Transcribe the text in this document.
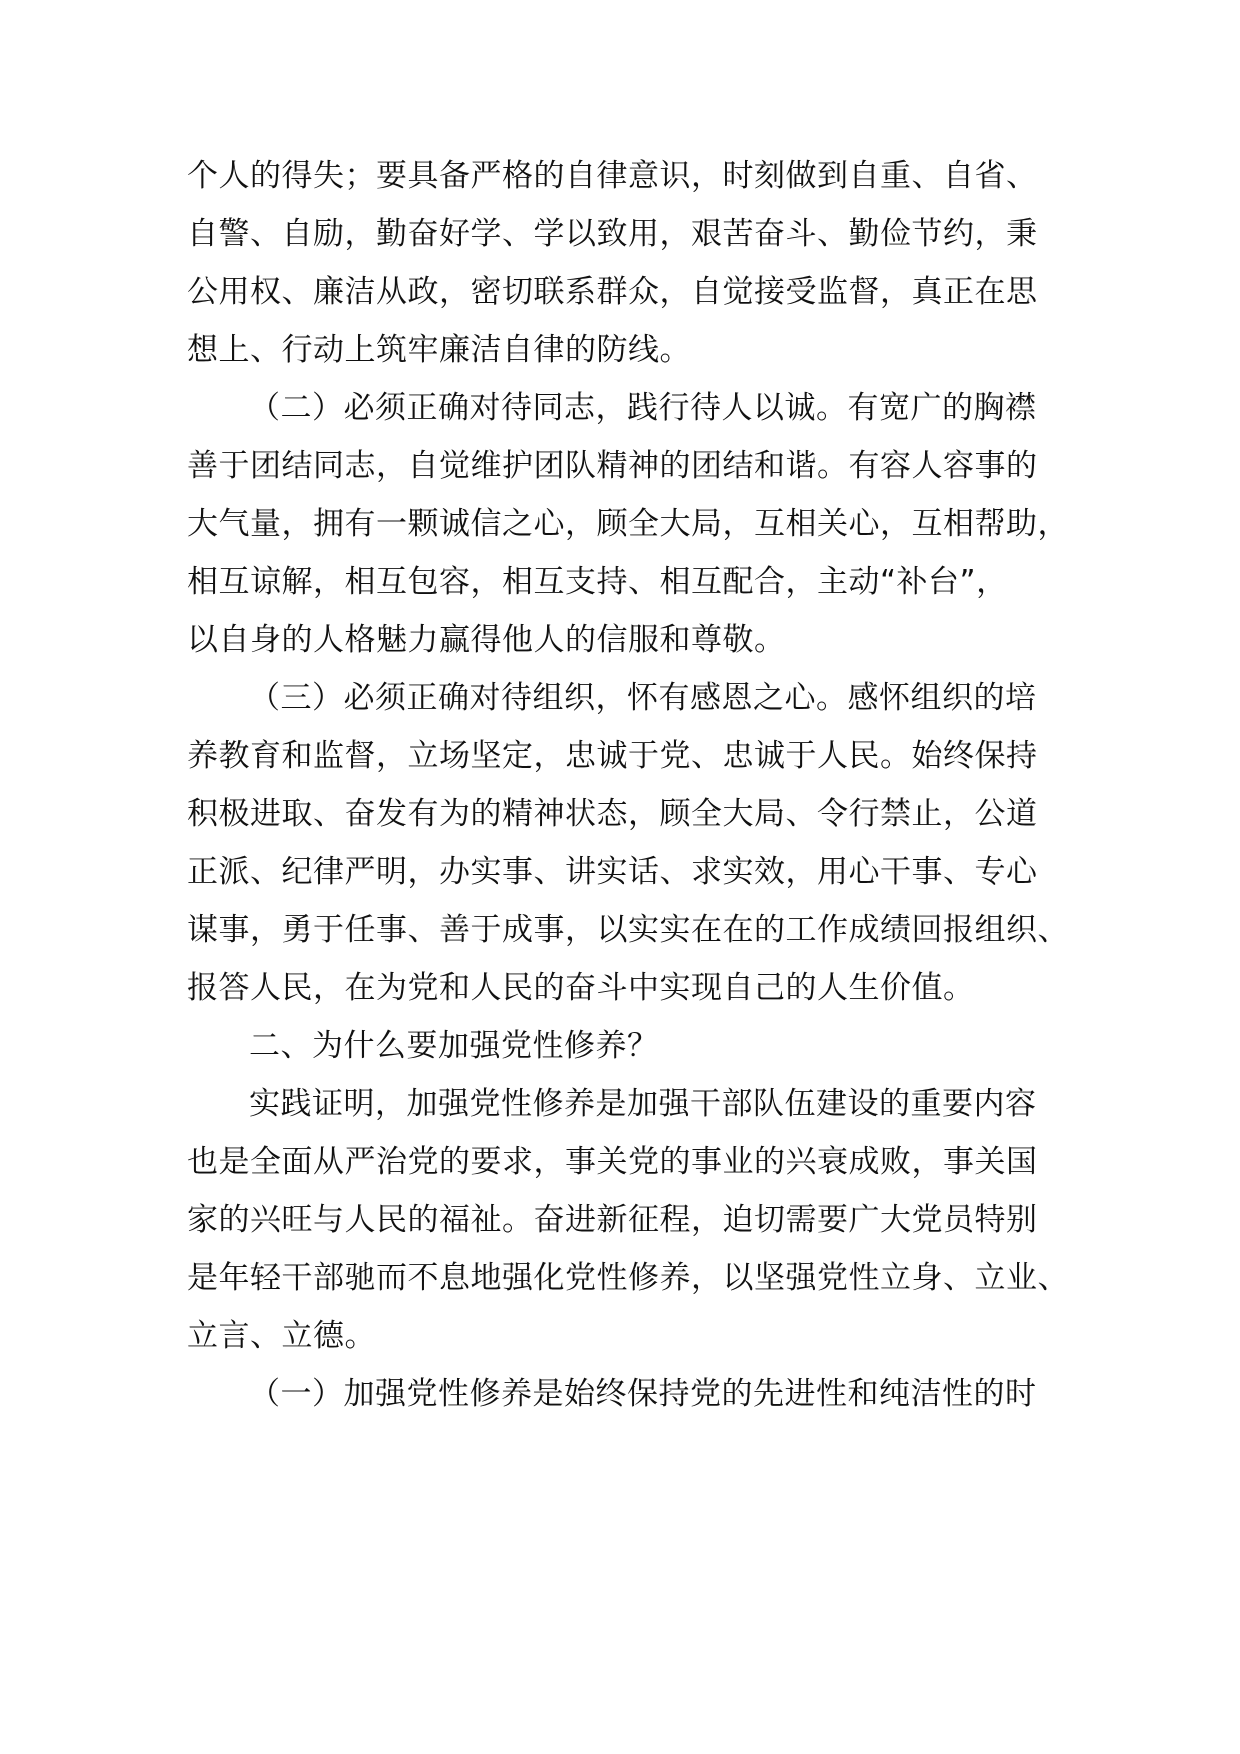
个人的得失；要具备严格的自律意识，时刻做到自重、自省、
自警、自励，勤奋好学、学以致用，艰苦奋斗、勤俭节约，秉
公用权、廉洁从政，密切联系群众，自觉接受监督，真正在思
想上、行动上筑牢廉洁自律的防线。
（二）必须正确对待同志，践行待人以诚。有宽广的胸襟
善于团结同志，自觉维护团队精神的团结和谐。有容人容事的
大气量，拥有一颗诚信之心，顾全大局，互相关心，互相帮助，
相互谅解，相互包容，相互支持、相互配合，主动“补台”，
以自身的人格魅力赢得他人的信服和尊敬。
（三）必须正确对待组织，怀有感恩之心。感怀组织的培
养教育和监督，立场坚定，忠诚于党、忠诚于人民。始终保持
积极进取、奋发有为的精神状态，顾全大局、令行禁止，公道
正派、纪律严明，办实事、讲实话、求实效，用心干事、专心
谋事，勇于任事、善于成事，以实实在在的工作成绩回报组织、
报答人民，在为党和人民的奋斗中实现自己的人生价值。
二、为什么要加强党性修养？
实践证明，加强党性修养是加强干部队伍建设的重要内容
也是全面从严治党的要求，事关党的事业的兴衰成败，事关国
家的兴旺与人民的福祉。奋进新征程，迫切需要广大党员特别
是年轻干部驰而不息地强化党性修养，以坚强党性立身、立业、
立言、立德。
（一）加强党性修养是始终保持党的先进性和纯洁性的时
